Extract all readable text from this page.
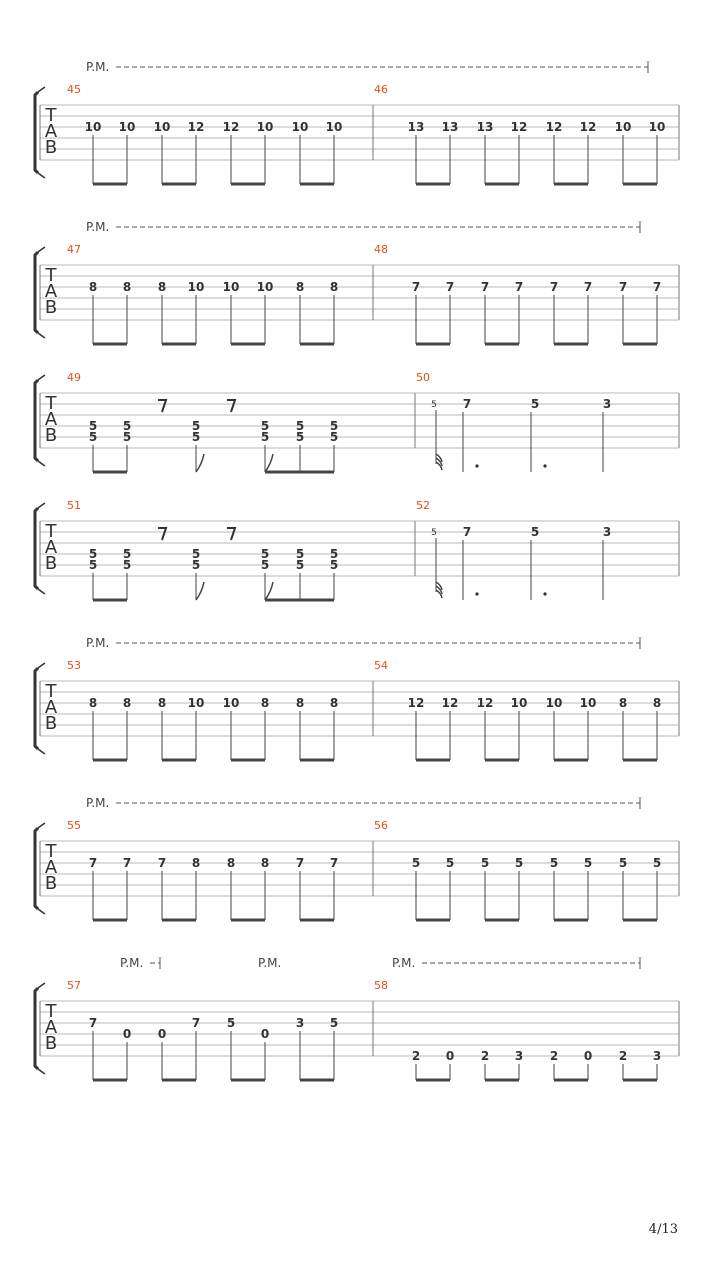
T
A
B
P.M.
45
10 10 10 12 12 10 10 10
46
13 13 13 12 12 12 10 10
T
A
B
P.M.
47
8 8 8 10 10 10 8 8
48
7 7 7 7 7 7 7 7
T
A
B
49
5
5
5
5
5
5
5
5
5
5
5
5
50
5 7	5	3
T
A
B
51
5
5
5
5
5
5
5
5
5
5
5
5
52
5 7	5	3
T
A
B
P.M.
53
8 8 8 10 10 8 8 8
54
12 12 12 10 10 10 8 8
T
A
B
P.M.
55
7 7 7 8 8 8 7 7
56
5 5 5 5 5 5 5 5
T
A
B
P.M.	P.M.	P.M.
57
7
0 0
7 5
0
3 5
58
2 0 2 3 2 0 2 3
4/13
